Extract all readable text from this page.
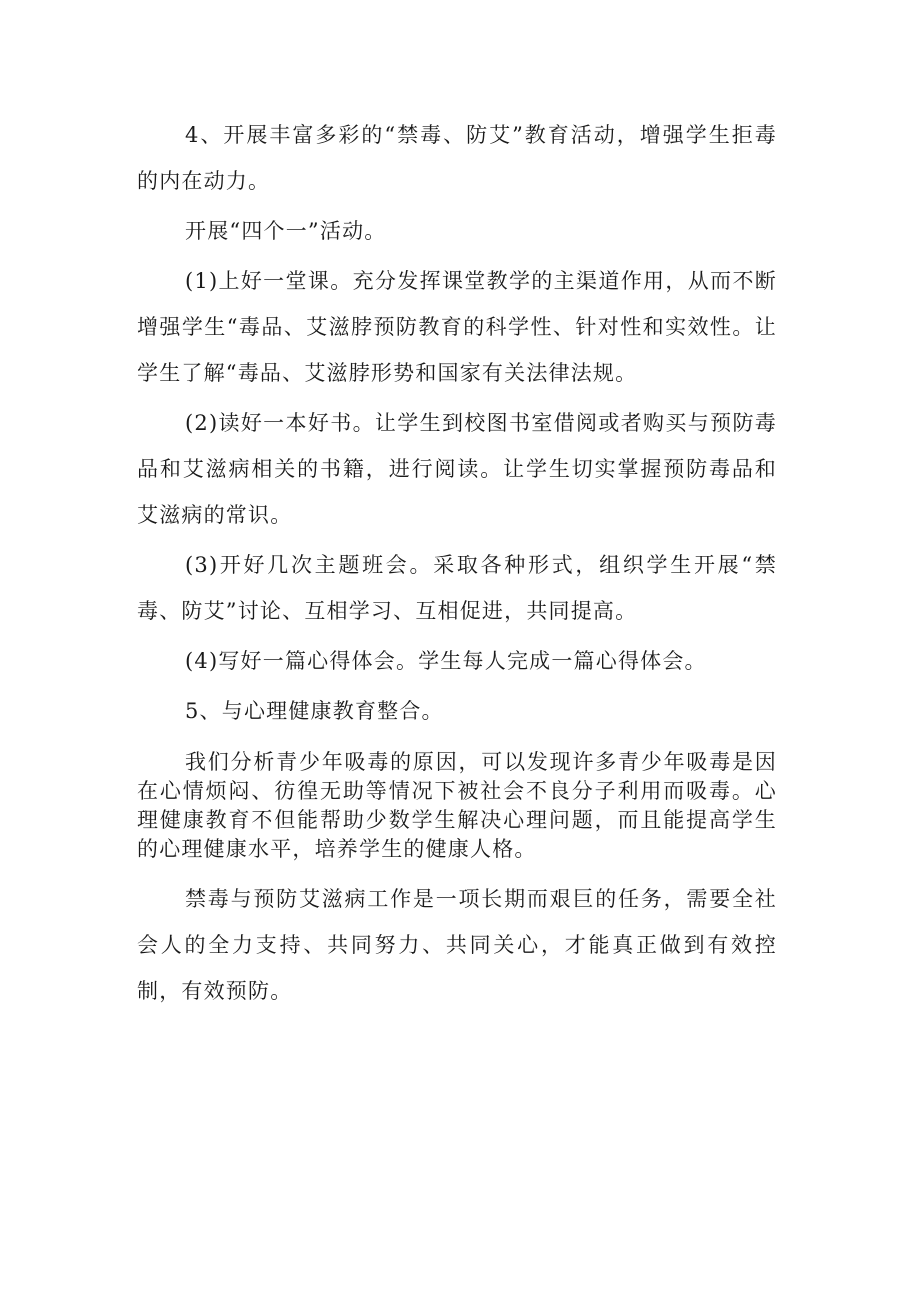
4、开展丰富多彩的“禁毒、防艾”教育活动，增强学生拒毒的内在动力。

开展“四个一”活动。

(1)上好一堂课。充分发挥课堂教学的主渠道作用，从而不断增强学生“毒品、艾滋脖预防教育的科学性、针对性和实效性。让学生了解“毒品、艾滋脖形势和国家有关法律法规。

(2)读好一本好书。让学生到校图书室借阅或者购买与预防毒品和艾滋病相关的书籍，进行阅读。让学生切实掌握预防毒品和艾滋病的常识。

(3)开好几次主题班会。采取各种形式，组织学生开展“禁毒、防艾”讨论、互相学习、互相促进，共同提高。

(4)写好一篇心得体会。学生每人完成一篇心得体会。

5、与心理健康教育整合。

我们分析青少年吸毒的原因，可以发现许多青少年吸毒是因在心情烦闷、彷徨无助等情况下被社会不良分子利用而吸毒。心理健康教育不但能帮助少数学生解决心理问题，而且能提高学生的心理健康水平，培养学生的健康人格。

禁毒与预防艾滋病工作是一项长期而艰巨的任务，需要全社会人的全力支持、共同努力、共同关心，才能真正做到有效控制，有效预防。
